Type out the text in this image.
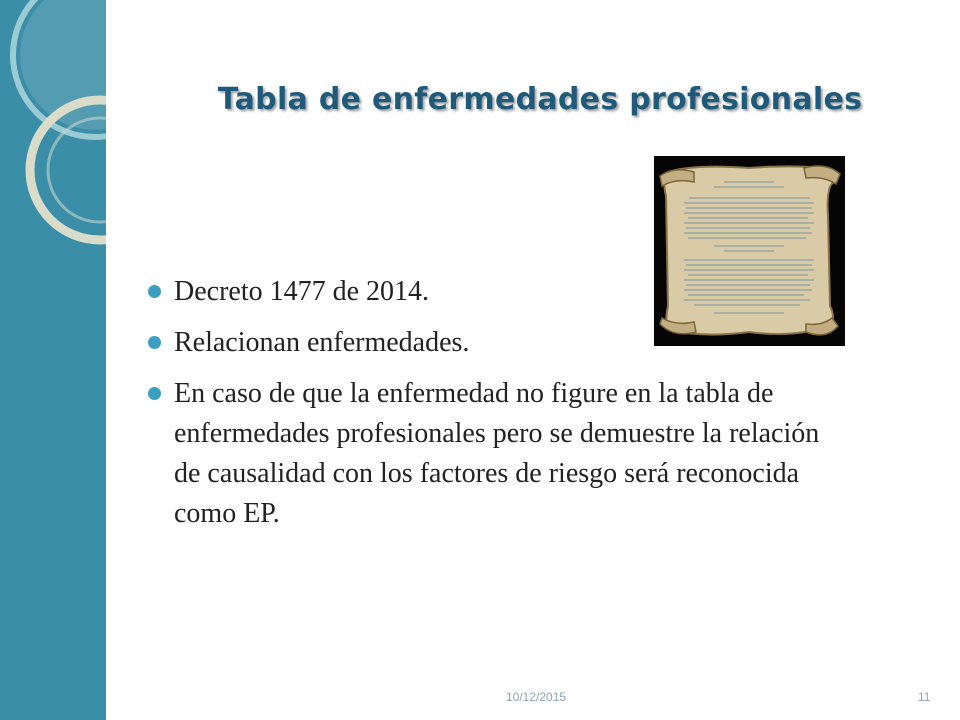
Tabla de enfermedades profesionales
Decreto 1477 de 2014.
Relacionan enfermedades.
En caso de que la enfermedad no figure en la tabla de enfermedades profesionales pero se demuestre la relación de causalidad con los factores de riesgo será reconocida como EP.
10/12/2015	11
